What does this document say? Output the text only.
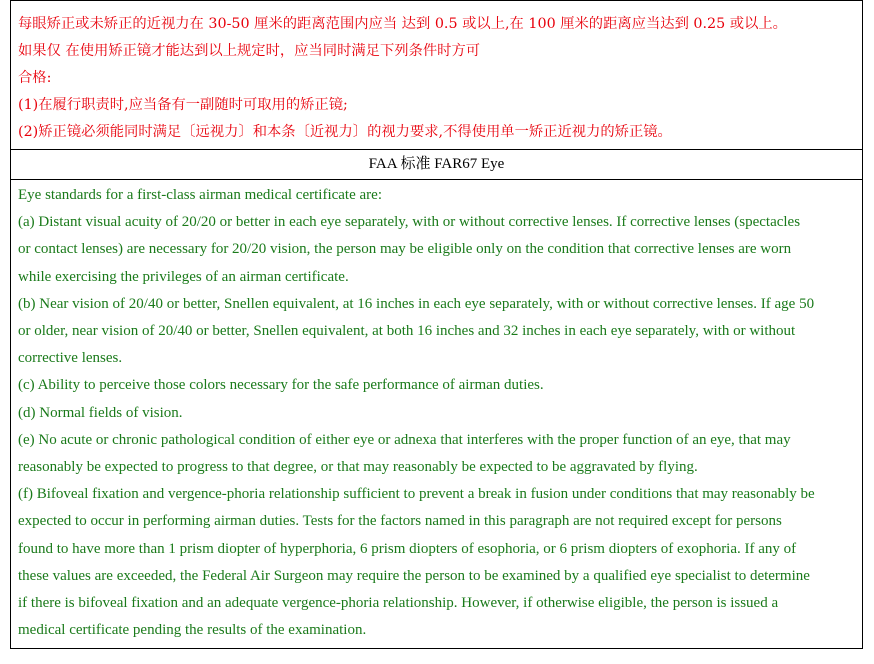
每眼矫正或未矫正的近视力在 30-50 厘米的距离范围内应当 达到 0.5 或以上,在 100 厘米的距离应当达到 0.25 或以上。
如果仅 在使用矫正镜才能达到以上规定时，应当同时满足下列条件时方可
合格:
(1)在履行职责时,应当备有一副随时可取用的矫正镜;
(2)矫正镜必须能同时满足〔远视力〕和本条〔近视力〕的视力要求,不得使用单一矫正近视力的矫正镜。

FAA 标准 FAR67 Eye

Eye standards for a first-class airman medical certificate are:
(a) Distant visual acuity of 20/20 or better in each eye separately, with or without corrective lenses. If corrective lenses (spectacles
or contact lenses) are necessary for 20/20 vision, the person may be eligible only on the condition that corrective lenses are worn
while exercising the privileges of an airman certificate.
(b) Near vision of 20/40 or better, Snellen equivalent, at 16 inches in each eye separately, with or without corrective lenses. If age 50
or older, near vision of 20/40 or better, Snellen equivalent, at both 16 inches and 32 inches in each eye separately, with or without
corrective lenses.
(c) Ability to perceive those colors necessary for the safe performance of airman duties.
(d) Normal fields of vision.
(e) No acute or chronic pathological condition of either eye or adnexa that interferes with the proper function of an eye, that may
reasonably be expected to progress to that degree, or that may reasonably be expected to be aggravated by flying.
(f) Bifoveal fixation and vergence-phoria relationship sufficient to prevent a break in fusion under conditions that may reasonably be
expected to occur in performing airman duties. Tests for the factors named in this paragraph are not required except for persons
found to have more than 1 prism diopter of hyperphoria, 6 prism diopters of esophoria, or 6 prism diopters of exophoria. If any of
these values are exceeded, the Federal Air Surgeon may require the person to be examined by a qualified eye specialist to determine
if there is bifoveal fixation and an adequate vergence-phoria relationship. However, if otherwise eligible, the person is issued a
medical certificate pending the results of the examination.
